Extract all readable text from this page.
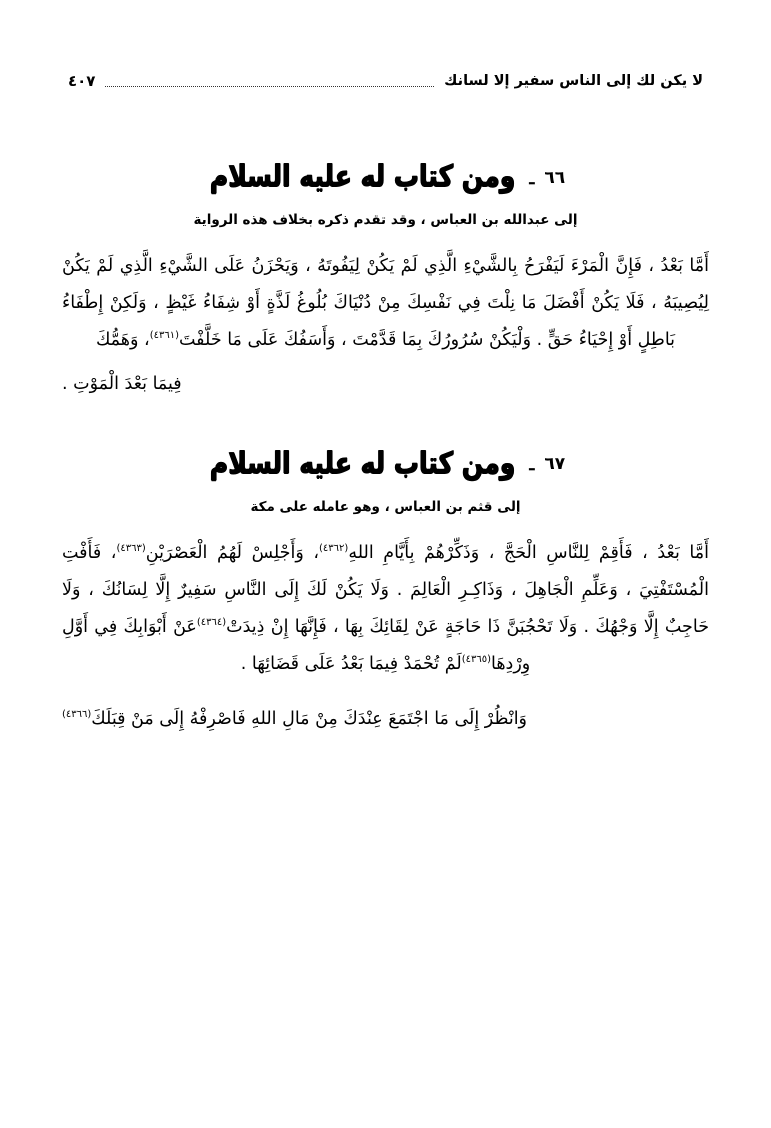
لا يكن لك إلى الناس سفير إلا لسانك
٤٠٧
٦٦
ـ
ومن كتاب له عليه السلام
إلى عبدالله بن العباس ، وقد تقدم ذكره بخلاف هذه الرواية

أَمَّا بَعْدُ ، فَإِنَّ الْمَرْءَ لَيَفْرَحُ بِالشَّيْءِ الَّذِي لَمْ يَكُنْ لِيَفُوتَهُ ، وَيَحْزَنُ عَلَى الشَّيْءِ الَّذِي لَمْ يَكُنْ لِيُصِيبَهُ ، فَلَا يَكُنْ أَفْضَلَ مَا نِلْتَ فِي نَفْسِكَ مِنْ دُنْيَاكَ بُلُوغُ لَذَّةٍ أَوْ شِفَاءُ غَيْظٍ ، وَلَكِنْ إِطْفَاءُ بَاطِلٍ أَوْ إِحْيَاءُ حَقٍّ . وَلْيَكُنْ سُرُورُكَ بِمَا قَدَّمْتَ ، وَأَسَفُكَ عَلَى مَا خَلَّفْتَ$^{(٤٣٦١)}$، وَهَمُّكَ

فِيمَا بَعْدَ الْمَوْتِ .

٦٧
ـ
ومن كتاب له عليه السلام
إلى قثم بن العباس ، وهو عامله على مكة

أَمَّا بَعْدُ ، فَأَقِمْ لِلنَّاسِ الْحَجَّ ، وَذَكِّرْهُمْ بِأَيَّامِ اللهِ$^{(٤٣٦٢)}$، وَأَجْلِسْ لَهُمُ الْعَصْرَيْنِ$^{(٤٣٦٣)}$، فَأَفْتِ الْمُسْتَفْتِيَ ، وَعَلِّمِ الْجَاهِلَ ، وَذَاكِـرِ الْعَالِمَ . وَلَا يَكُنْ لَكَ إِلَى النَّاسِ سَفِيرٌ إِلَّا لِسَانُكَ ، وَلَا حَاجِبٌ إِلَّا وَجْهُكَ . وَلَا تَحْجُبَنَّ ذَا حَاجَةٍ عَنْ لِقَائِكَ بِهَا ، فَإِنَّهَا إِنْ ذِيدَتْ$^{(٤٣٦٤)}$عَنْ أَبْوَابِكَ فِي أَوَّلِ وِرْدِهَا$^{(٤٣٦٥)}$لَمْ تُحْمَدْ فِيمَا بَعْدُ عَلَى قَضَائِهَا .

وَانْظُرْ إِلَى مَا اجْتَمَعَ عِنْدَكَ مِنْ مَالِ اللهِ فَاصْرِفْهُ إِلَى مَنْ قِبَلَكَ$^{(٤٣٦٦)}$
